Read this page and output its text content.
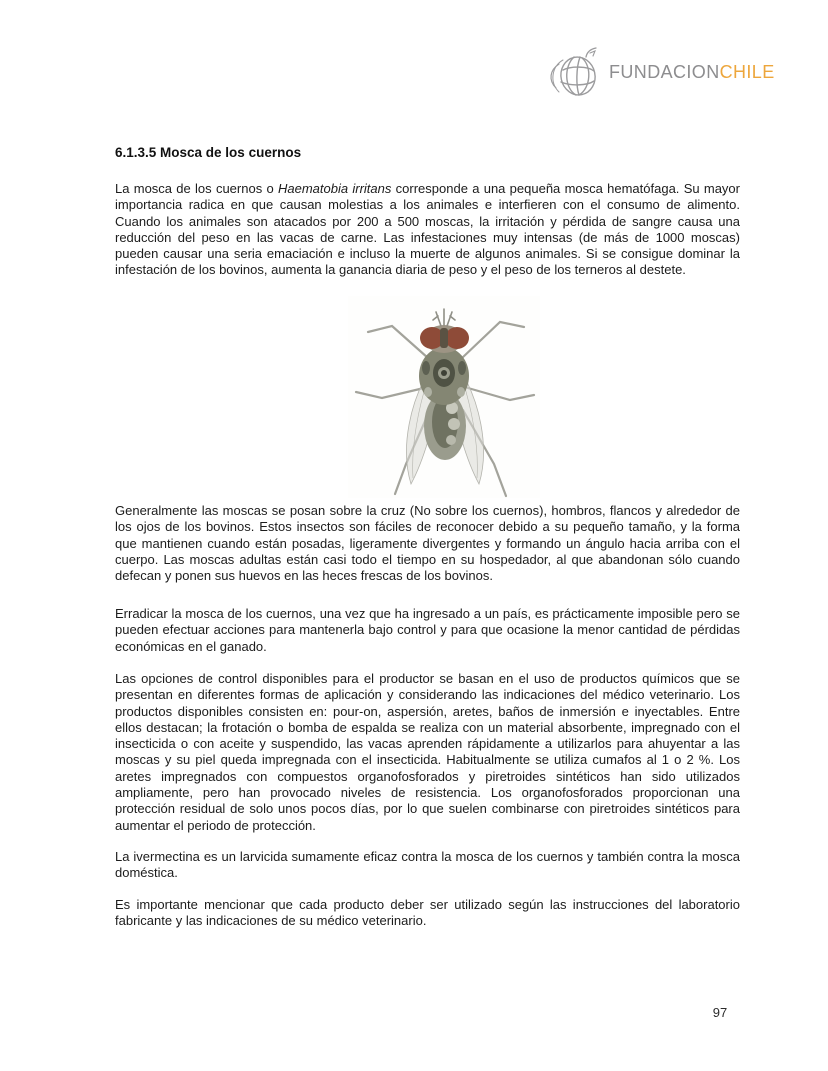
FUNDACIONCHILE
6.1.3.5 Mosca de los cuernos

La mosca de los cuernos o Haematobia irritans corresponde a una pequeña mosca hematófaga. Su mayor importancia radica en que causan molestias a los animales e interfieren con el consumo de alimento. Cuando los animales son atacados por 200 a 500 moscas, la irritación y pérdida de sangre causa una reducción del peso en las vacas de carne. Las infestaciones muy intensas (de más de 1000 moscas) pueden causar una seria emaciación e incluso la muerte de algunos animales. Si se consigue dominar la infestación de los bovinos, aumenta la ganancia diaria de peso y el peso de los terneros al destete.

Generalmente las moscas se posan sobre la cruz (No sobre los cuernos), hombros, flancos y alrededor de los ojos de los bovinos. Estos insectos son fáciles de reconocer debido a su pequeño tamaño, y la forma que mantienen cuando están posadas, ligeramente divergentes y formando un ángulo hacia arriba con el cuerpo. Las moscas adultas están casi todo el tiempo en su hospedador, al que abandonan sólo cuando defecan y ponen sus huevos en las heces frescas de los bovinos.

Erradicar la mosca de los cuernos, una vez que ha ingresado a un país, es prácticamente imposible pero se pueden efectuar acciones para mantenerla bajo control y para que ocasione la menor cantidad de pérdidas económicas en el ganado.

Las opciones de control disponibles para el productor se basan en el uso de productos químicos que se presentan en diferentes formas de aplicación y considerando las indicaciones del médico veterinario. Los productos disponibles consisten en: pour-on, aspersión, aretes, baños de inmersión e inyectables. Entre ellos destacan; la frotación o bomba de espalda se realiza con un material absorbente, impregnado con el insecticida o con aceite y suspendido, las vacas aprenden rápidamente a utilizarlos para ahuyentar a las moscas y su piel queda impregnada con el insecticida. Habitualmente se utiliza cumafos al 1 o 2 %. Los aretes impregnados con compuestos organofosforados y piretroides sintéticos han sido utilizados ampliamente, pero han provocado niveles de resistencia. Los organofosforados proporcionan una protección residual de solo unos pocos días, por lo que suelen combinarse con piretroides sintéticos para aumentar el periodo de protección.

La ivermectina es un larvicida sumamente eficaz contra la mosca de los cuernos y también contra la mosca doméstica.

Es importante mencionar que cada producto deber ser utilizado según las instrucciones del laboratorio fabricante y las indicaciones de su médico veterinario.

97
